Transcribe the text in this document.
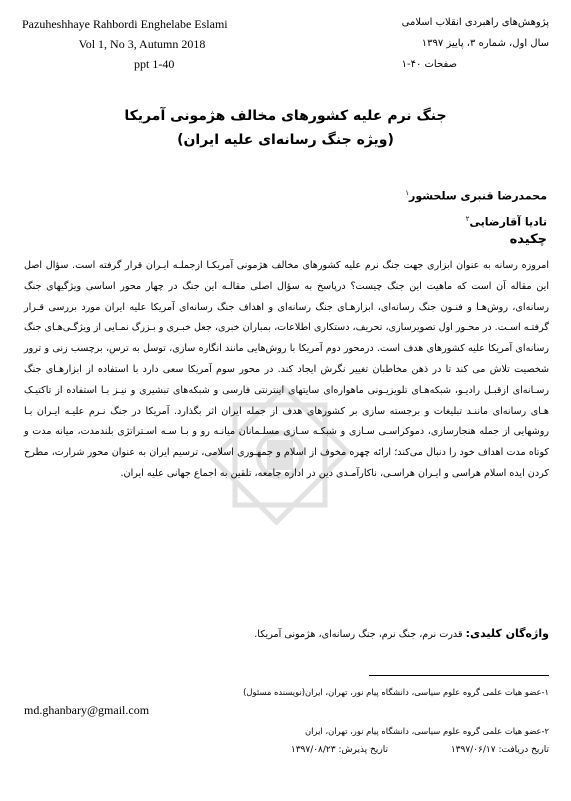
Pazuheshhaye Rahbordi Enghelabe Eslami
Vol 1, No 3, Autumn 2018
ppt 1-40
پژوهش‌های راهبردی انقلاب اسلامی
سال اول، شماره ۳، پاییز ۱۳۹۷
صفحات ۴۰-۱
جنگ نرم علیه کشورهای مخالف هژمونی آمریکا
(ویژه جنگ رسانه‌ای علیه ایران)
محمدرضا قنبری سلحشور$^۱$
نادیا آقارضایی$^۲$
چکیده
امروزه رسانه به عنوان ابزاری جهت جنگ نرم علیه کشورهای مخالف هژمونی آمریکـا ازجملـه ایـران قرار گرفته است. سؤال اصل این مقاله آن است که ماهیت این جنگ چیست؟ درپاسخ به سؤال اصلی مقالـه این جنگ در چهار محور اساسی ویژگیهای جنگ رسانه‌ای، روش‌هـا و فنـون جنگ رسانه‌ای، ابزارهـای جنگ رسانه‌ای و اهداف جنگ رسانه‌ای آمریکا علیه ایران مورد بررسی قـرار گرفتـه اسـت. در محـور اول تصویرسازی، تحریف، دستکاری اطلاعات، بمباران خبری، جعل خبـری و بـزرگ نمـایی از ویژگـی‌هـای جنگ رسانه‌ای آمریکا علیه کشورهای هدف است. درمحور دوم آمریکا با روش‌هایی مانند انگاره سازی، توسل به ترس، برچسب زنی و ترور شخصیت تلاش می کند تا در ذهن مخاطبان تغییر نگرش ایجاد کند. در محور سوم آمریکا سعی دارد با استفاده از ابزارهـای جنگ رسـانه‌ای ازقبـل رادیـو، شبکه‌هـای تلویزیـونی ماهواره‌ای سایتهای اینترنتی فارسی و شبکه‌های تبشیری و نیـز بـا استفاده از تاکتیـک هـای رسانه‌ای ماننـد تبلیغات و برجسته سازی بر کشورهای هدف از جمله ایران اثر بگذارد. آمریکا در جنگ نـرم علیـه ایـران بـا روشهایی از جمله هنجارسازی، دموکراسـی سـازی و شبکـه سـازی مسلـمانان میانـه رو و بـا سـه اسـتراتژی بلندمدت، میانه مدت و کوتاه مدت اهداف خود را دنبال می‌کند؛ ارائه چهره مخوف از اسلام و جمهـوری اسلامی، ترسیم ایران به عنوان محور شرارت، مطرح کردن ایده اسلام هراسی و ایـران هراسـی، ناکارآمـدی دین در اداره جامعه، تلقین به اجماع جهانی علیه ایران.
واژه‌گان کلیدی: قدرت نرم، جنگ نرم، جنگ رسانه‌ای، هژمونی آمریکا.
۱-عضو هیات علمی گروه علوم سیاسی، دانشگاه پیام نور، تهران، ایران(نویسنده مسئول)
md.ghanbary@gmail.com
۲-عضو هیات علمی گروه علوم سیاسی، دانشگاه پیام نور، تهران، ایران
تاریخ دریافت: ۱۳۹۷/۰۶/۱۷ تاریخ پذیرش: ۱۳۹۷/۰۸/۲۳
